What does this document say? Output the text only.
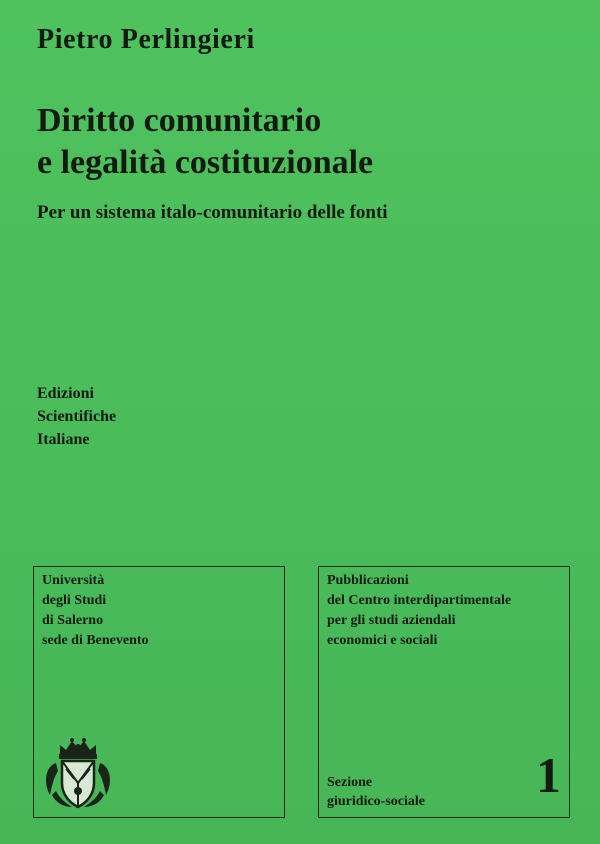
Pietro Perlingieri
Diritto comunitario
e legalità costituzionale
Per un sistema italo-comunitario delle fonti
Edizioni
Scientifiche
Italiane
Università
degli Studi
di Salerno
sede di Benevento
Pubblicazioni
del Centro interdipartimentale
per gli studi aziendali
economici e sociali
Sezione
giuridico-sociale 1
